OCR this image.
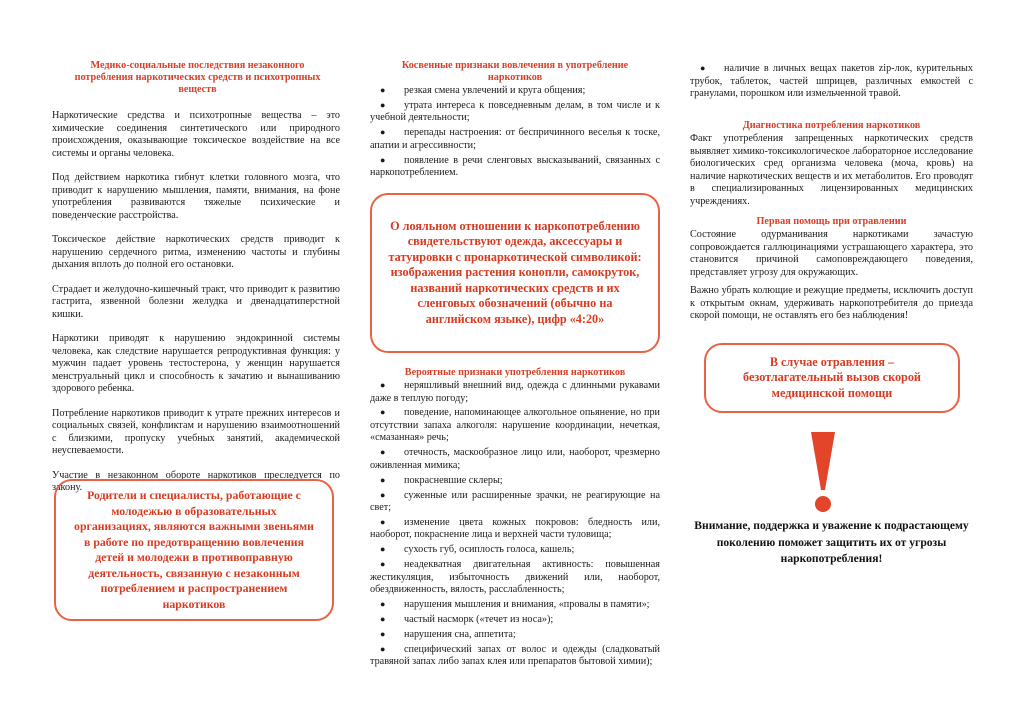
Медико-социальные последствия незаконного потребления наркотических средств и психотропных веществ

Наркотические средства и психотропные вещества – это химические соединения синтетического или природного происхождения, оказывающие токсическое воздействие на все системы и органы человека.

Под действием наркотика гибнут клетки головного мозга, что приводит к нарушению мышления, памяти, внимания, на фоне употребления развиваются тяжелые психические и поведенческие расстройства.

Токсическое действие наркотических средств приводит к нарушению сердечного ритма, изменению частоты и глубины дыхания вплоть до полной его остановки.

Страдает и желудочно-кишечный тракт, что приводит к развитию гастрита, язвенной болезни желудка и двенадцатиперстной кишки.

Наркотики приводят к нарушению эндокринной системы человека, как следствие нарушается репродуктивная функция: у мужчин падает уровень тестостерона, у женщин нарушается менструальный цикл и способность к зачатию и вынашиванию здорового ребенка.

Потребление наркотиков приводит к утрате прежних интересов и социальных связей, конфликтам и нарушению взаимоотношений с близкими, пропуску учебных занятий, академической неуспеваемости.

Участие в незаконном обороте наркотиков преследуется по закону.

Родители и специалисты, работающие с молодежью в образовательных организациях, являются важными звеньями в работе по предотвращению вовлечения детей и молодежи в противоправную деятельность, связанную с незаконным потреблением и распространением наркотиков
Косвенные признаки вовлечения в употребление наркотиков
● резкая смена увлечений и круга общения;
● утрата интереса к повседневным делам, в том числе и к учебной деятельности;
● перепады настроения: от беспричинного веселья к тоске, апатии и агрессивности;
● появление в речи сленговых высказываний, связанных с наркопотреблением.
О лояльном отношении к наркопотреблению свидетельствуют одежда, аксессуары и татуировки с пронаркотической символикой: изображения растения конопли, самокруток, названий наркотических средств и их сленговых обозначений (обычно на английском языке), цифр «4:20»
Вероятные признаки употребления наркотиков
● неряшливый внешний вид, одежда с длинными рукавами даже в теплую погоду;
● поведение, напоминающее алкогольное опьянение, но при отсутствии запаха алкоголя: нарушение координации, нечеткая, «смазанная» речь;
● отечность, маскообразное лицо или, наоборот, чрезмерно оживленная мимика;
● покрасневшие склеры;
● суженные или расширенные зрачки, не реагирующие на свет;
● изменение цвета кожных покровов: бледность или, наоборот, покраснение лица и верхней части туловища;
● сухость губ, осиплость голоса, кашель;
● неадекватная двигательная активность: повышенная жестикуляция, избыточность движений или, наоборот, обездвиженность, вялость, расслабленность;
● нарушения мышления и внимания, «провалы в памяти»;
● частый насморк («течет из носа»);
● нарушения сна, аппетита;
● специфический запах от волос и одежды (сладковатый травяной запах либо запах клея или препаратов бытовой химии);
● наличие в личных вещах пакетов zip-лок, курительных трубок, таблеток, частей шприцев, различных емкостей с гранулами, порошком или измельченной травой.
Диагностика потребления наркотиков

Факт употребления запрещенных наркотических средств выявляет химико-токсикологическое лабораторное исследование биологических сред организма человека (моча, кровь) на наличие наркотических веществ и их метаболитов. Его проводят в специализированных лицензированных медицинских учреждениях.

Первая помощь при отравлении

Состояние одурманивания наркотиками зачастую сопровождается галлюцинациями устрашающего характера, это становится причиной самоповреждающего поведения, представляет угрозу для окружающих.

Важно убрать колющие и режущие предметы, исключить доступ к открытым окнам, удерживать наркопотребителя до приезда скорой помощи, не оставлять его без наблюдения!

В случае отравления – безотлагательный вызов скорой медицинской помощи
Внимание, поддержка и уважение к подрастающему поколению поможет защитить их от угрозы наркопотребления!
